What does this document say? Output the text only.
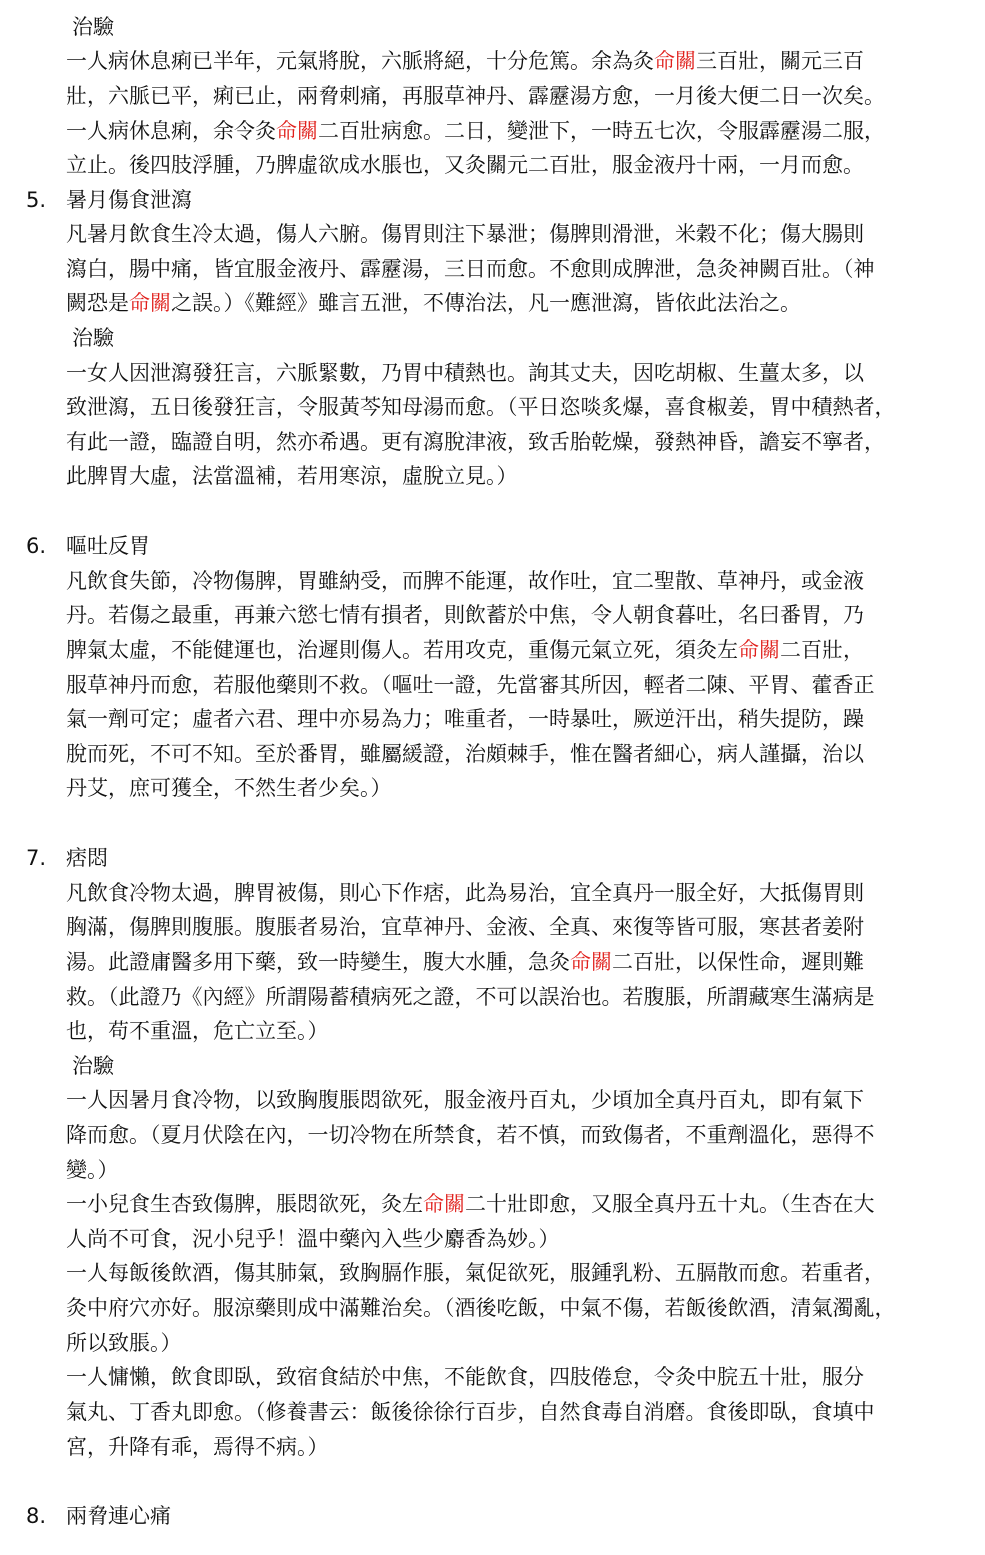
治驗
一人病休息痢已半年，元氣將脫，六脈將絕，十分危篤。余為灸命關三百壯，關元三百
壯，六脈已平，痢已止，兩脅刺痛，再服草神丹、霹靂湯方愈，一月後大便二日一次矣。
一人病休息痢，余令灸命關二百壯病愈。二日，變泄下，一時五七次，令服霹靂湯二服，
立止。後四肢浮腫，乃脾虛欲成水脹也，又灸關元二百壯，服金液丹十兩，一月而愈。
5. 暑月傷食泄瀉
凡暑月飲食生冷太過，傷人六腑。傷胃則注下暴泄；傷脾則滑泄，米穀不化；傷大腸則
瀉白，腸中痛，皆宜服金液丹、霹靂湯，三日而愈。不愈則成脾泄，急灸神闕百壯。（神
闕恐是命關之誤。）《難經》雖言五泄，不傳治法，凡一應泄瀉，皆依此法治之。
治驗
一女人因泄瀉發狂言，六脈緊數，乃胃中積熱也。詢其丈夫，因吃胡椒、生薑太多，以
致泄瀉，五日後發狂言，令服黃芩知母湯而愈。（平日恣啖炙爆，喜食椒姜，胃中積熱者，
有此一證，臨證自明，然亦希遇。更有瀉脫津液，致舌胎乾燥，發熱神昏，譫妄不寧者，
此脾胃大虛，法當溫補，若用寒涼，虛脫立見。）
6. 嘔吐反胃
凡飲食失節，冷物傷脾，胃雖納受，而脾不能運，故作吐，宜二聖散、草神丹，或金液
丹。若傷之最重，再兼六慾七情有損者，則飲蓄於中焦，令人朝食暮吐，名曰番胃，乃
脾氣太虛，不能健運也，治遲則傷人。若用攻克，重傷元氣立死，須灸左命關二百壯，
服草神丹而愈，若服他藥則不救。（嘔吐一證，先當審其所因，輕者二陳、平胃、藿香正
氣一劑可定；虛者六君、理中亦易為力；唯重者，一時暴吐，厥逆汗出，稍失提防，躁
脫而死，不可不知。至於番胃，雖屬緩證，治頗棘手，惟在醫者細心，病人謹攝，治以
丹艾，庶可獲全，不然生者少矣。）
7. 痞悶
凡飲食冷物太過，脾胃被傷，則心下作痞，此為易治，宜全真丹一服全好，大抵傷胃則
胸滿，傷脾則腹脹。腹脹者易治，宜草神丹、金液、全真、來復等皆可服，寒甚者姜附
湯。此證庸醫多用下藥，致一時變生，腹大水腫，急灸命關二百壯，以保性命，遲則難
救。（此證乃《內經》所謂陽蓄積病死之證，不可以誤治也。若腹脹，所謂藏寒生滿病是
也，苟不重溫，危亡立至。）
治驗
一人因暑月食冷物，以致胸腹脹悶欲死，服金液丹百丸，少頃加全真丹百丸，即有氣下
降而愈。（夏月伏陰在內，一切冷物在所禁食，若不慎，而致傷者，不重劑溫化，惡得不
變。）
一小兒食生杏致傷脾，脹悶欲死，灸左命關二十壯即愈，又服全真丹五十丸。（生杏在大
人尚不可食，況小兒乎！溫中藥內入些少麝香為妙。）
一人每飯後飲酒，傷其肺氣，致胸膈作脹，氣促欲死，服鍾乳粉、五膈散而愈。若重者，
灸中府穴亦好。服涼藥則成中滿難治矣。（酒後吃飯，中氣不傷，若飯後飲酒，清氣濁亂，
所以致脹。）
一人慵懶，飲食即臥，致宿食結於中焦，不能飲食，四肢倦怠，令灸中脘五十壯，服分
氣丸、丁香丸即愈。（修養書云：飯後徐徐行百步，自然食毒自消磨。食後即臥，食填中
宮，升降有乖，焉得不病。）
8. 兩脅連心痛
